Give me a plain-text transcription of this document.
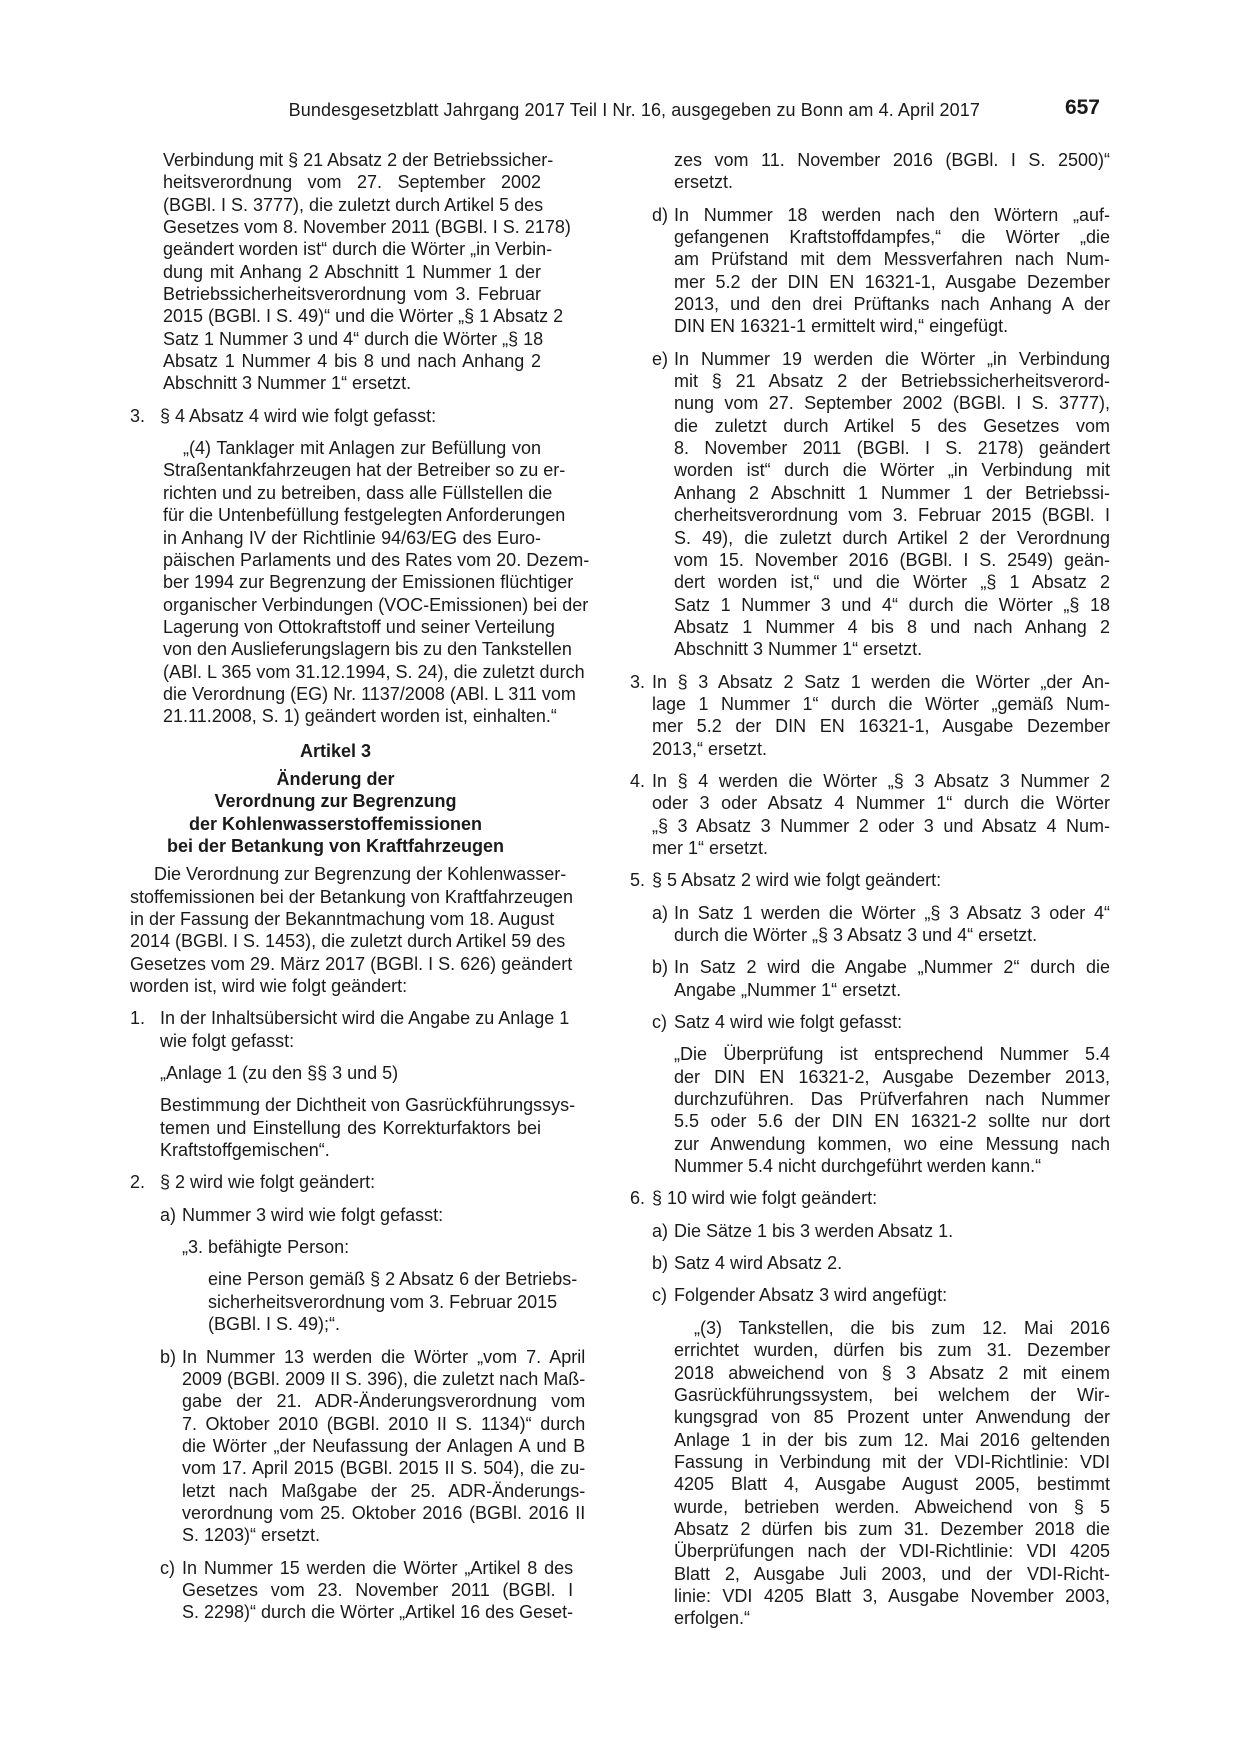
Bundesgesetzblatt Jahrgang 2017 Teil I Nr. 16, ausgegeben zu Bonn am 4. April 2017	657
Verbindung mit § 21 Absatz 2 der Betriebssicher-
heitsverordnung vom 27. September 2002
(BGBl. I S. 3777), die zuletzt durch Artikel 5 des
Gesetzes vom 8. November 2011 (BGBl. I S. 2178)
geändert worden ist“ durch die Wörter „in Verbin-
dung mit Anhang 2 Abschnitt 1 Nummer 1 der
Betriebssicherheitsverordnung vom 3. Februar
2015 (BGBl. I S. 49)“ und die Wörter „§ 1 Absatz 2
Satz 1 Nummer 3 und 4“ durch die Wörter „§ 18
Absatz 1 Nummer 4 bis 8 und nach Anhang 2
Abschnitt 3 Nummer 1“ ersetzt.
3. § 4 Absatz 4 wird wie folgt gefasst:
„(4) Tanklager mit Anlagen zur Befüllung von
Straßentankfahrzeugen hat der Betreiber so zu er-
richten und zu betreiben, dass alle Füllstellen die
für die Untenbefüllung festgelegten Anforderungen
in Anhang IV der Richtlinie 94/63/EG des Euro-
päischen Parlaments und des Rates vom 20. Dezem-
ber 1994 zur Begrenzung der Emissionen flüchtiger
organischer Verbindungen (VOC-Emissionen) bei der
Lagerung von Ottokraftstoff und seiner Verteilung
von den Auslieferungslagern bis zu den Tankstellen
(ABl. L 365 vom 31.12.1994, S. 24), die zuletzt durch
die Verordnung (EG) Nr. 1137/2008 (ABl. L 311 vom
21.11.2008, S. 1) geändert worden ist, einhalten.“

Artikel 3

Änderung der
Verordnung zur Begrenzung
der Kohlenwasserstoffemissionen
bei der Betankung von Kraftfahrzeugen
Die Verordnung zur Begrenzung der Kohlenwasser-
stoffemissionen bei der Betankung von Kraftfahrzeugen
in der Fassung der Bekanntmachung vom 18. August
2014 (BGBl. I S. 1453), die zuletzt durch Artikel 59 des
Gesetzes vom 29. März 2017 (BGBl. I S. 626) geändert
worden ist, wird wie folgt geändert:
1. In der Inhaltsübersicht wird die Angabe zu Anlage 1
wie folgt gefasst:

„Anlage 1 (zu den §§ 3 und 5)

Bestimmung der Dichtheit von Gasrückführungssys-
temen und Einstellung des Korrekturfaktors bei
Kraftstoffgemischen“.
2. § 2 wird wie folgt geändert:
a) Nummer 3 wird wie folgt gefasst:

„3. befähigte Person:

eine Person gemäß § 2 Absatz 6 der Betriebs-
sicherheitsverordnung vom 3. Februar 2015
(BGBl. I S. 49);“.
b) In Nummer 13 werden die Wörter „vom 7. April
2009 (BGBl. 2009 II S. 396), die zuletzt nach Maß-
gabe der 21. ADR-Änderungsverordnung vom
7. Oktober 2010 (BGBl. 2010 II S. 1134)“ durch
die Wörter „der Neufassung der Anlagen A und B
vom 17. April 2015 (BGBl. 2015 II S. 504), die zu-
letzt nach Maßgabe der 25. ADR-Änderungs-
verordnung vom 25. Oktober 2016 (BGBl. 2016 II
S. 1203)“ ersetzt.
c) In Nummer 15 werden die Wörter „Artikel 8 des
Gesetzes vom 23. November 2011 (BGBl. I
S. 2298)“ durch die Wörter „Artikel 16 des Geset-
zes vom 11. November 2016 (BGBl. I S. 2500)“
ersetzt.
d) In Nummer 18 werden nach den Wörtern „auf-
gefangenen Kraftstoffdampfes,“ die Wörter „die
am Prüfstand mit dem Messverfahren nach Num-
mer 5.2 der DIN EN 16321-1, Ausgabe Dezember
2013, und den drei Prüftanks nach Anhang A der
DIN EN 16321-1 ermittelt wird,“ eingefügt.
e) In Nummer 19 werden die Wörter „in Verbindung
mit § 21 Absatz 2 der Betriebssicherheitsverord-
nung vom 27. September 2002 (BGBl. I S. 3777),
die zuletzt durch Artikel 5 des Gesetzes vom
8. November 2011 (BGBl. I S. 2178) geändert
worden ist“ durch die Wörter „in Verbindung mit
Anhang 2 Abschnitt 1 Nummer 1 der Betriebssi-
cherheitsverordnung vom 3. Februar 2015 (BGBl. I
S. 49), die zuletzt durch Artikel 2 der Verordnung
vom 15. November 2016 (BGBl. I S. 2549) geän-
dert worden ist,“ und die Wörter „§ 1 Absatz 2
Satz 1 Nummer 3 und 4“ durch die Wörter „§ 18
Absatz 1 Nummer 4 bis 8 und nach Anhang 2
Abschnitt 3 Nummer 1“ ersetzt.
3. In § 3 Absatz 2 Satz 1 werden die Wörter „der An-
lage 1 Nummer 1“ durch die Wörter „gemäß Num-
mer 5.2 der DIN EN 16321-1, Ausgabe Dezember
2013,“ ersetzt.
4. In § 4 werden die Wörter „§ 3 Absatz 3 Nummer 2
oder 3 oder Absatz 4 Nummer 1“ durch die Wörter
„§ 3 Absatz 3 Nummer 2 oder 3 und Absatz 4 Num-
mer 1“ ersetzt.
5. § 5 Absatz 2 wird wie folgt geändert:
a) In Satz 1 werden die Wörter „§ 3 Absatz 3 oder 4“
durch die Wörter „§ 3 Absatz 3 und 4“ ersetzt.
b) In Satz 2 wird die Angabe „Nummer 2“ durch die
Angabe „Nummer 1“ ersetzt.
c) Satz 4 wird wie folgt gefasst:
„Die Überprüfung ist entsprechend Nummer 5.4
der DIN EN 16321-2, Ausgabe Dezember 2013,
durchzuführen. Das Prüfverfahren nach Nummer
5.5 oder 5.6 der DIN EN 16321-2 sollte nur dort
zur Anwendung kommen, wo eine Messung nach
Nummer 5.4 nicht durchgeführt werden kann.“
6. § 10 wird wie folgt geändert:
a) Die Sätze 1 bis 3 werden Absatz 1.
b) Satz 4 wird Absatz 2.
c) Folgender Absatz 3 wird angefügt:
„(3) Tankstellen, die bis zum 12. Mai 2016
errichtet wurden, dürfen bis zum 31. Dezember
2018 abweichend von § 3 Absatz 2 mit einem
Gasrückführungssystem, bei welchem der Wir-
kungsgrad von 85 Prozent unter Anwendung der
Anlage 1 in der bis zum 12. Mai 2016 geltenden
Fassung in Verbindung mit der VDI-Richtlinie: VDI
4205 Blatt 4, Ausgabe August 2005, bestimmt
wurde, betrieben werden. Abweichend von § 5
Absatz 2 dürfen bis zum 31. Dezember 2018 die
Überprüfungen nach der VDI-Richtlinie: VDI 4205
Blatt 2, Ausgabe Juli 2003, und der VDI-Richt-
linie: VDI 4205 Blatt 3, Ausgabe November 2003,
erfolgen.“
